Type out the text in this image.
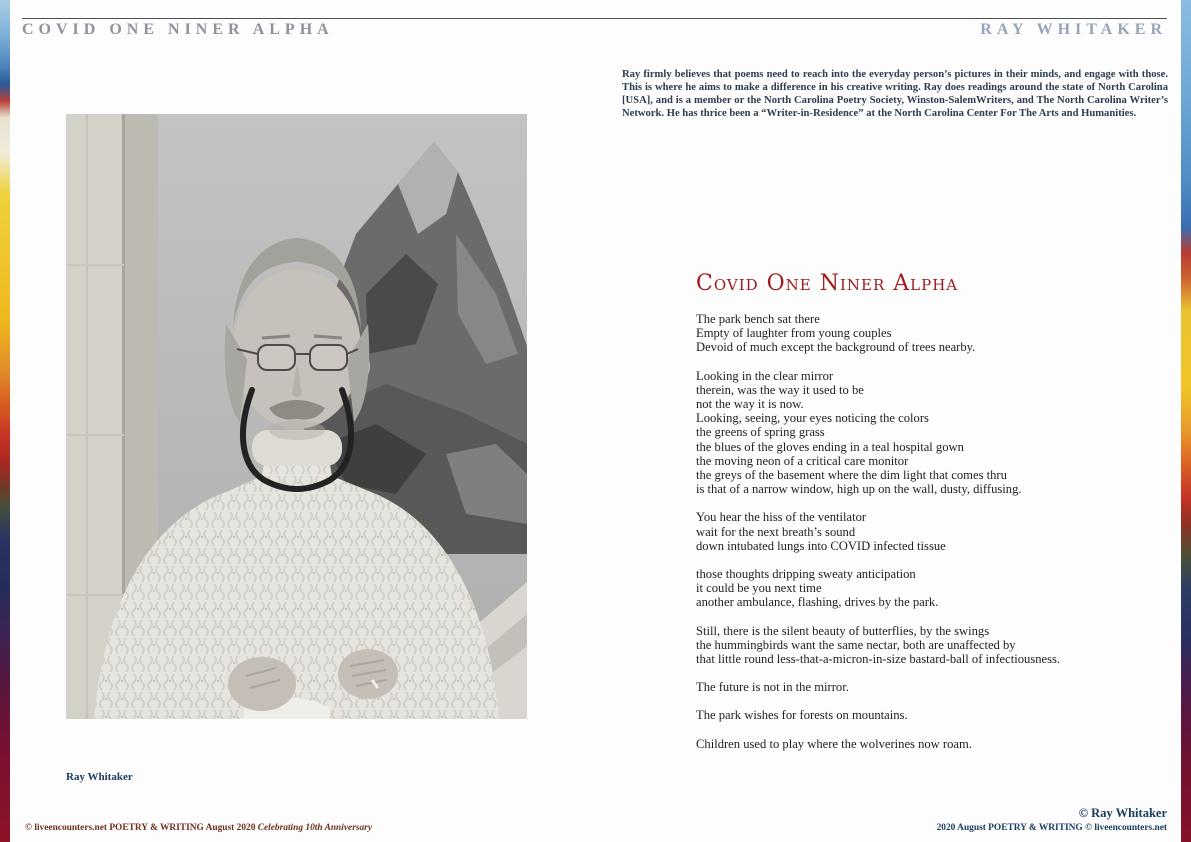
COVID ONE NINER ALPHA	RAY WHITAKER

Ray firmly believes that poems need to reach into the everyday person’s pictures in their minds, and engage with those. This is where he aims to make a difference in his creative writing. Ray does readings around the state of North Carolina [USA], and is a member or the North Carolina Poetry Society, Winston-SalemWriters, and The North Carolina Writer’s Network. He has thrice been a “Writer-in-Residence” at the North Carolina Center For The Arts and Humanities.

Ray Whitaker
Covid One Niner Alpha
The park bench sat there
Empty of laughter from young couples
Devoid of much except the background of trees nearby.
Looking in the clear mirror
therein, was the way it used to be
not the way it is now.
Looking, seeing, your eyes noticing the colors
the greens of spring grass
the blues of the gloves ending in a teal hospital gown
the moving neon of a critical care monitor
the greys of the basement where the dim light that comes thru
is that of a narrow window, high up on the wall, dusty, diffusing.
You hear the hiss of the ventilator
wait for the next breath’s sound
down intubated lungs into COVID infected tissue
those thoughts dripping sweaty anticipation
it could be you next time
another ambulance, flashing, drives by the park.
Still, there is the silent beauty of butterflies, by the swings
the hummingbirds want the same nectar, both are unaffected by
that little round less-that-a-micron-in-size bastard-ball of infectiousness.
The future is not in the mirror.
The park wishes for forests on mountains.
Children used to play where the wolverines now roam.
© liveencounters.net POETRY & WRITING August 2020 Celebrating 10th Anniversary
© Ray Whitaker
2020 August POETRY & WRITING © liveencounters.net
